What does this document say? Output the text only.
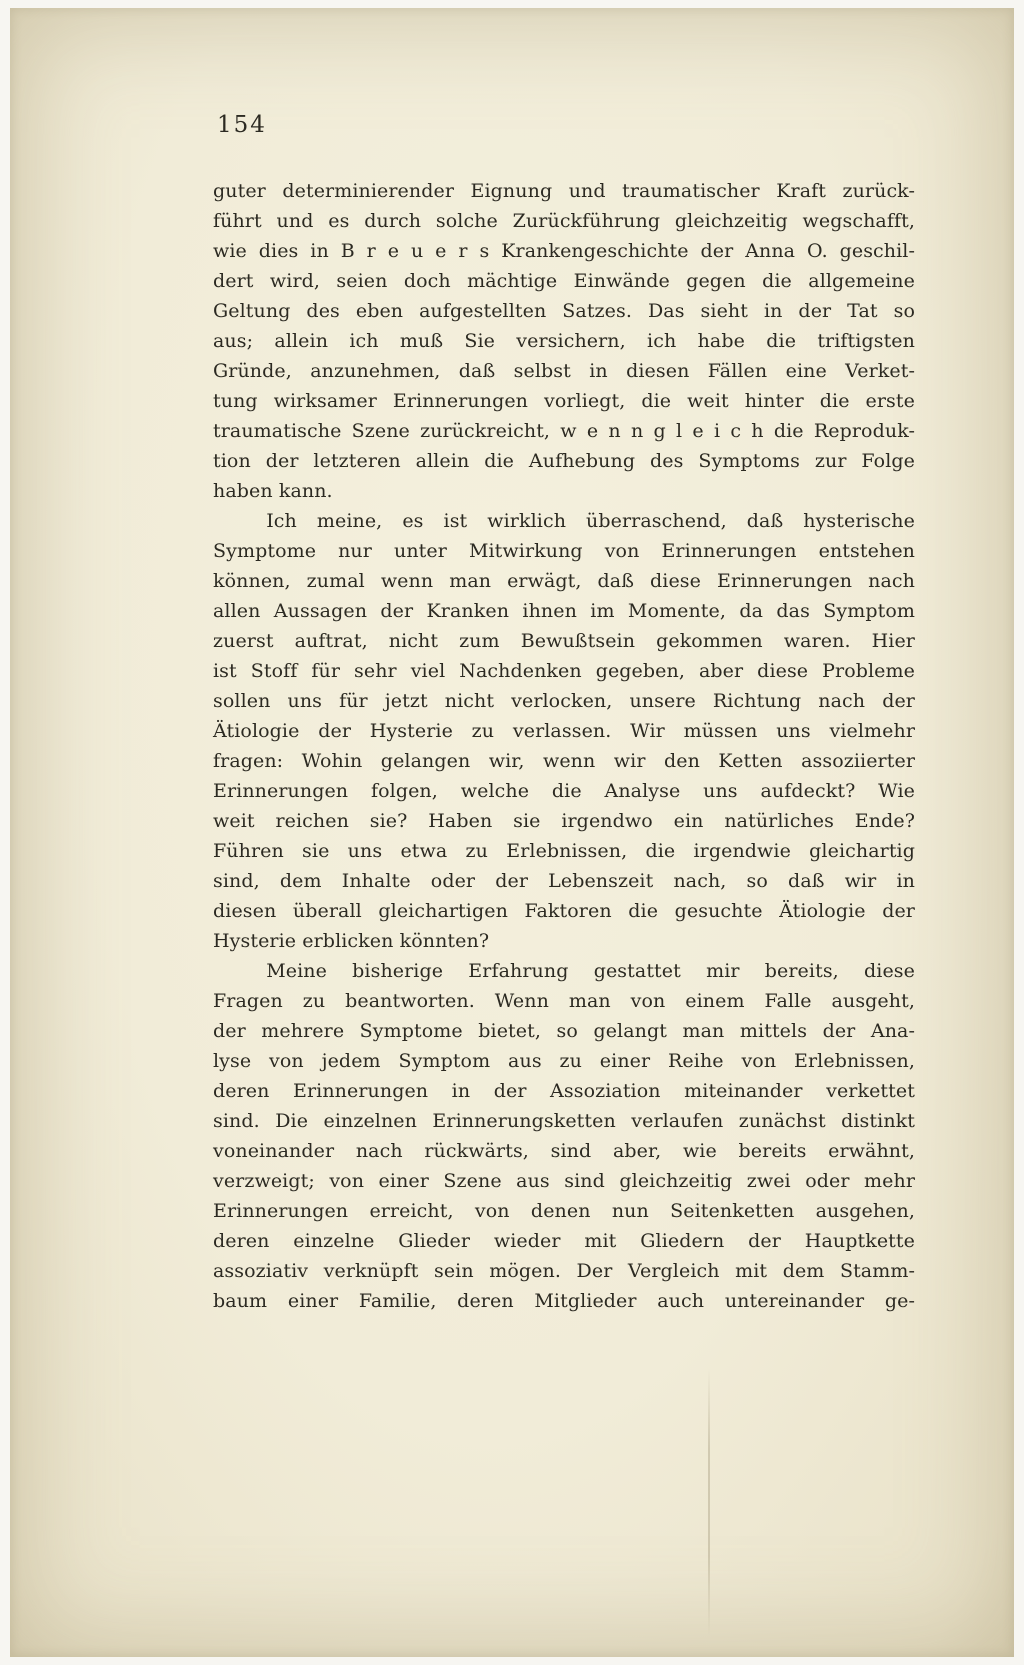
154
guter determinierender Eignung und traumatischer Kraft zurück-
führt und es durch solche Zurückführung gleichzeitig wegschafft,
wie dies in B r e u e r s Krankengeschichte der Anna O. geschil-
dert wird, seien doch mächtige Einwände gegen die allgemeine
Geltung des eben aufgestellten Satzes. Das sieht in der Tat so
aus; allein ich muß Sie versichern, ich habe die triftigsten
Gründe, anzunehmen, daß selbst in diesen Fällen eine Verket-
tung wirksamer Erinnerungen vorliegt, die weit hinter die erste
traumatische Szene zurückreicht, w e n n g l e i c h die Reproduk-
tion der letzteren allein die Aufhebung des Symptoms zur Folge
haben kann.
Ich meine, es ist wirklich überraschend, daß hysterische
Symptome nur unter Mitwirkung von Erinnerungen entstehen
können, zumal wenn man erwägt, daß diese Erinnerungen nach
allen Aussagen der Kranken ihnen im Momente, da das Symptom
zuerst auftrat, nicht zum Bewußtsein gekommen waren. Hier
ist Stoff für sehr viel Nachdenken gegeben, aber diese Probleme
sollen uns für jetzt nicht verlocken, unsere Richtung nach der
Ätiologie der Hysterie zu verlassen. Wir müssen uns vielmehr
fragen: Wohin gelangen wir, wenn wir den Ketten assoziierter
Erinnerungen folgen, welche die Analyse uns aufdeckt? Wie
weit reichen sie? Haben sie irgendwo ein natürliches Ende?
Führen sie uns etwa zu Erlebnissen, die irgendwie gleichartig
sind, dem Inhalte oder der Lebenszeit nach, so daß wir in
diesen überall gleichartigen Faktoren die gesuchte Ätiologie der
Hysterie erblicken könnten?
Meine bisherige Erfahrung gestattet mir bereits, diese
Fragen zu beantworten. Wenn man von einem Falle ausgeht,
der mehrere Symptome bietet, so gelangt man mittels der Ana-
lyse von jedem Symptom aus zu einer Reihe von Erlebnissen,
deren Erinnerungen in der Assoziation miteinander verkettet
sind. Die einzelnen Erinnerungsketten verlaufen zunächst distinkt
voneinander nach rückwärts, sind aber, wie bereits erwähnt,
verzweigt; von einer Szene aus sind gleichzeitig zwei oder mehr
Erinnerungen erreicht, von denen nun Seitenketten ausgehen,
deren einzelne Glieder wieder mit Gliedern der Hauptkette
assoziativ verknüpft sein mögen. Der Vergleich mit dem Stamm-
baum einer Familie, deren Mitglieder auch untereinander ge-
